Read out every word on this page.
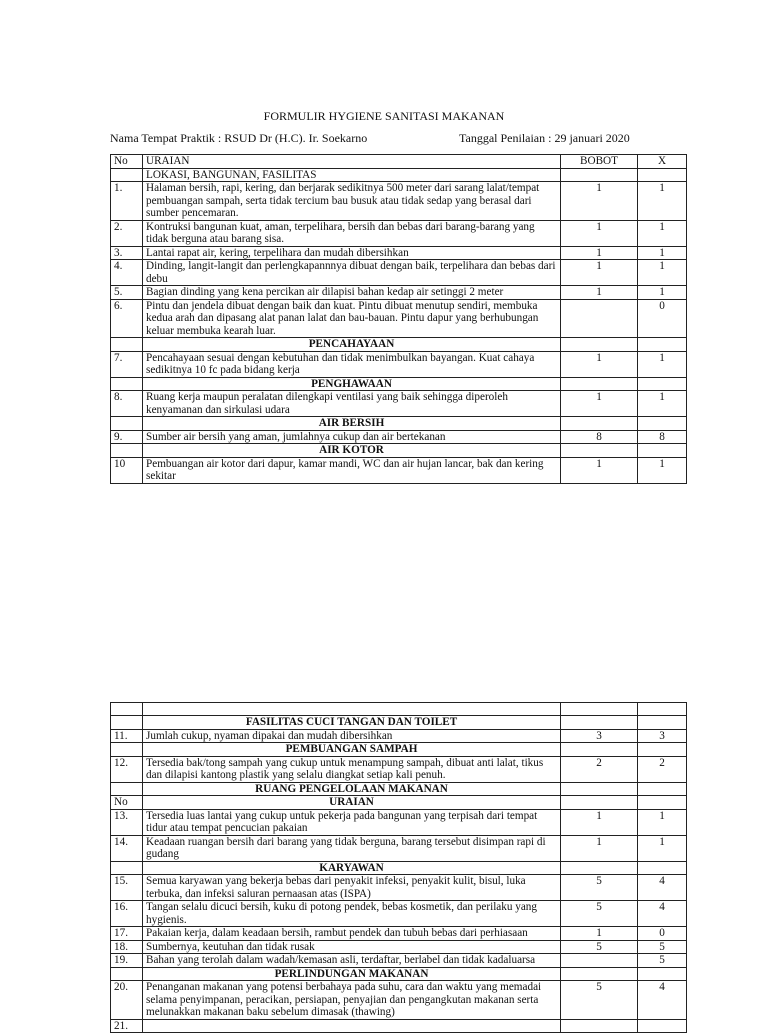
FORMULIR HYGIENE SANITASI MAKANAN
Nama Tempat Praktik : RSUD Dr (H.C). Ir. Soekarno	Tanggal Penilaian : 29 januari 2020
No	URAIAN	BOBOT	X
	LOKASI, BANGUNAN, FASILITAS		
1.	Halaman bersih, rapi, kering, dan berjarak sedikitnya 500 meter dari sarang lalat/tempat pembuangan sampah, serta tidak tercium bau busuk atau tidak sedap yang berasal dari sumber pencemaran.	1	1
2.	Kontruksi bangunan kuat, aman, terpelihara, bersih dan bebas dari barang-barang yang tidak berguna atau barang sisa.	1	1
3.	Lantai rapat air, kering, terpelihara dan mudah dibersihkan	1	1
4.	Dinding, langit-langit dan perlengkapannnya dibuat dengan baik, terpelihara dan bebas dari debu	1	1
5.	Bagian dinding yang kena percikan air dilapisi bahan kedap air setinggi 2 meter	1	1
6.	Pintu dan jendela dibuat dengan baik dan kuat. Pintu dibuat menutup sendiri, membuka kedua arah dan dipasang alat panan lalat dan bau-bauan. Pintu dapur yang berhubungan keluar membuka kearah luar.		0
	PENCAHAYAAN		
7.	Pencahayaan sesuai dengan kebutuhan dan tidak menimbulkan bayangan. Kuat cahaya sedikitnya 10 fc pada bidang kerja	1	1
	PENGHAWAAN		
8.	Ruang kerja maupun peralatan dilengkapi ventilasi yang baik sehingga diperoleh kenyamanan dan sirkulasi udara	1	1
	AIR BERSIH		
9.	Sumber air bersih yang aman, jumlahnya cukup dan air bertekanan	8	8
	AIR KOTOR		
10	Pembuangan air kotor dari dapur, kamar mandi, WC dan air hujan lancar, bak dan kering sekitar	1	1

	FASILITAS CUCI TANGAN DAN TOILET		
11.	Jumlah cukup, nyaman dipakai dan mudah dibersihkan	3	3
	PEMBUANGAN SAMPAH		
12.	Tersedia bak/tong sampah yang cukup untuk menampung sampah, dibuat anti lalat, tikus dan dilapisi kantong plastik yang selalu diangkat setiap kali penuh.	2	2
	RUANG PENGELOLAAN MAKANAN		
No	URAIAN		
13.	Tersedia luas lantai yang cukup untuk pekerja pada bangunan yang terpisah dari tempat tidur atau tempat pencucian pakaian	1	1
14.	Keadaan ruangan bersih dari barang yang tidak berguna, barang tersebut disimpan rapi di gudang	1	1
	KARYAWAN		
15.	Semua karyawan yang bekerja bebas dari penyakit infeksi, penyakit kulit, bisul, luka terbuka, dan infeksi saluran pernaasan atas (ISPA)	5	4
16.	Tangan selalu dicuci bersih, kuku di potong pendek, bebas kosmetik, dan perilaku yang hygienis.	5	4
17.	Pakaian kerja, dalam keadaan bersih, rambut pendek dan tubuh bebas dari perhiasaan	1	0
18.	Sumbernya, keutuhan dan tidak rusak	5	5
19.	Bahan yang terolah dalam wadah/kemasan asli, terdaftar, berlabel dan tidak kadaluarsa		5
	PERLINDUNGAN MAKANAN		
20.	Penanganan makanan yang potensi berbahaya pada suhu, cara dan waktu yang memadai selama penyimpanan, peracikan, persiapan, penyajian dan pengangkutan makanan serta melunakkan makanan baku sebelum dimasak (thawing)	5	4
21.			
